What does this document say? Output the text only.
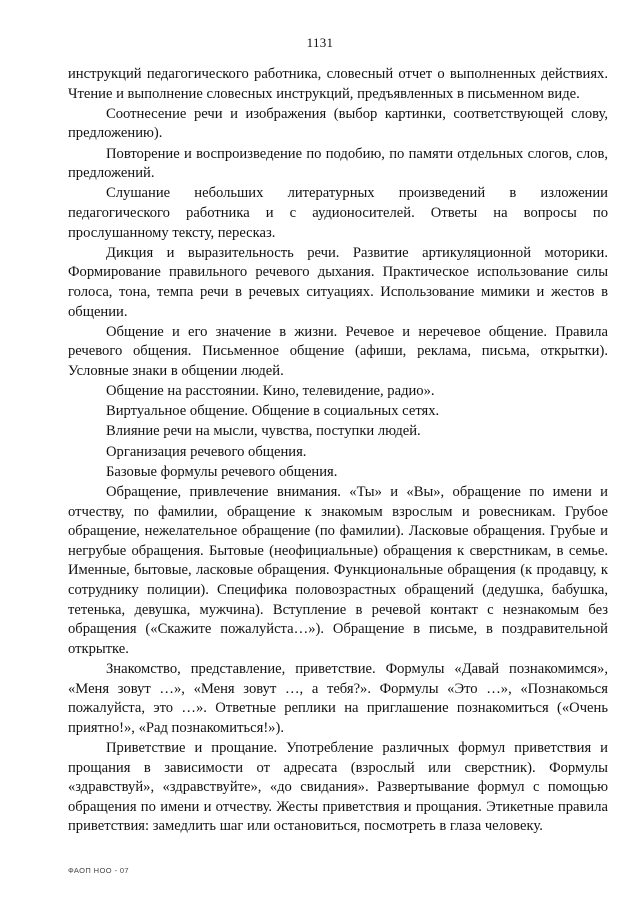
1131

инструкций педагогического работника, словесный отчет о выполненных действиях. Чтение и выполнение словесных инструкций, предъявленных в письменном виде.

Соотнесение речи и изображения (выбор картинки, соответствующей слову, предложению).

Повторение и воспроизведение по подобию, по памяти отдельных слогов, слов, предложений.

Слушание небольших литературных произведений в изложении педагогического работника и с аудионосителей. Ответы на вопросы по прослушанному тексту, пересказ.

Дикция и выразительность речи. Развитие артикуляционной моторики. Формирование правильного речевого дыхания. Практическое использование силы голоса, тона, темпа речи в речевых ситуациях. Использование мимики и жестов в общении.

Общение и его значение в жизни. Речевое и неречевое общение. Правила речевого общения. Письменное общение (афиши, реклама, письма, открытки). Условные знаки в общении людей.

Общение на расстоянии. Кино, телевидение, радио».

Виртуальное общение. Общение в социальных сетях.

Влияние речи на мысли, чувства, поступки людей.

Организация речевого общения.

Базовые формулы речевого общения.

Обращение, привлечение внимания. «Ты» и «Вы», обращение по имени и отчеству, по фамилии, обращение к знакомым взрослым и ровесникам. Грубое обращение, нежелательное обращение (по фамилии). Ласковые обращения. Грубые и негрубые обращения. Бытовые (неофициальные) обращения к сверстникам, в семье. Именные, бытовые, ласковые обращения. Функциональные обращения (к продавцу, к сотруднику полиции). Специфика половозрастных обращений (дедушка, бабушка, тетенька, девушка, мужчина). Вступление в речевой контакт с незнакомым без обращения («Скажите пожалуйста…»). Обращение в письме, в поздравительной открытке.

Знакомство, представление, приветствие. Формулы «Давай познакомимся», «Меня зовут …», «Меня зовут …, а тебя?». Формулы «Это …», «Познакомься пожалуйста, это …». Ответные реплики на приглашение познакомиться («Очень приятно!», «Рад познакомиться!»).

Приветствие и прощание. Употребление различных формул приветствия и прощания в зависимости от адресата (взрослый или сверстник). Формулы «здравствуй», «здравствуйте», «до свидания». Развертывание формул с помощью обращения по имени и отчеству. Жесты приветствия и прощания. Этикетные правила приветствия: замедлить шаг или остановиться, посмотреть в глаза человеку.

ФАОП НОО - 07
